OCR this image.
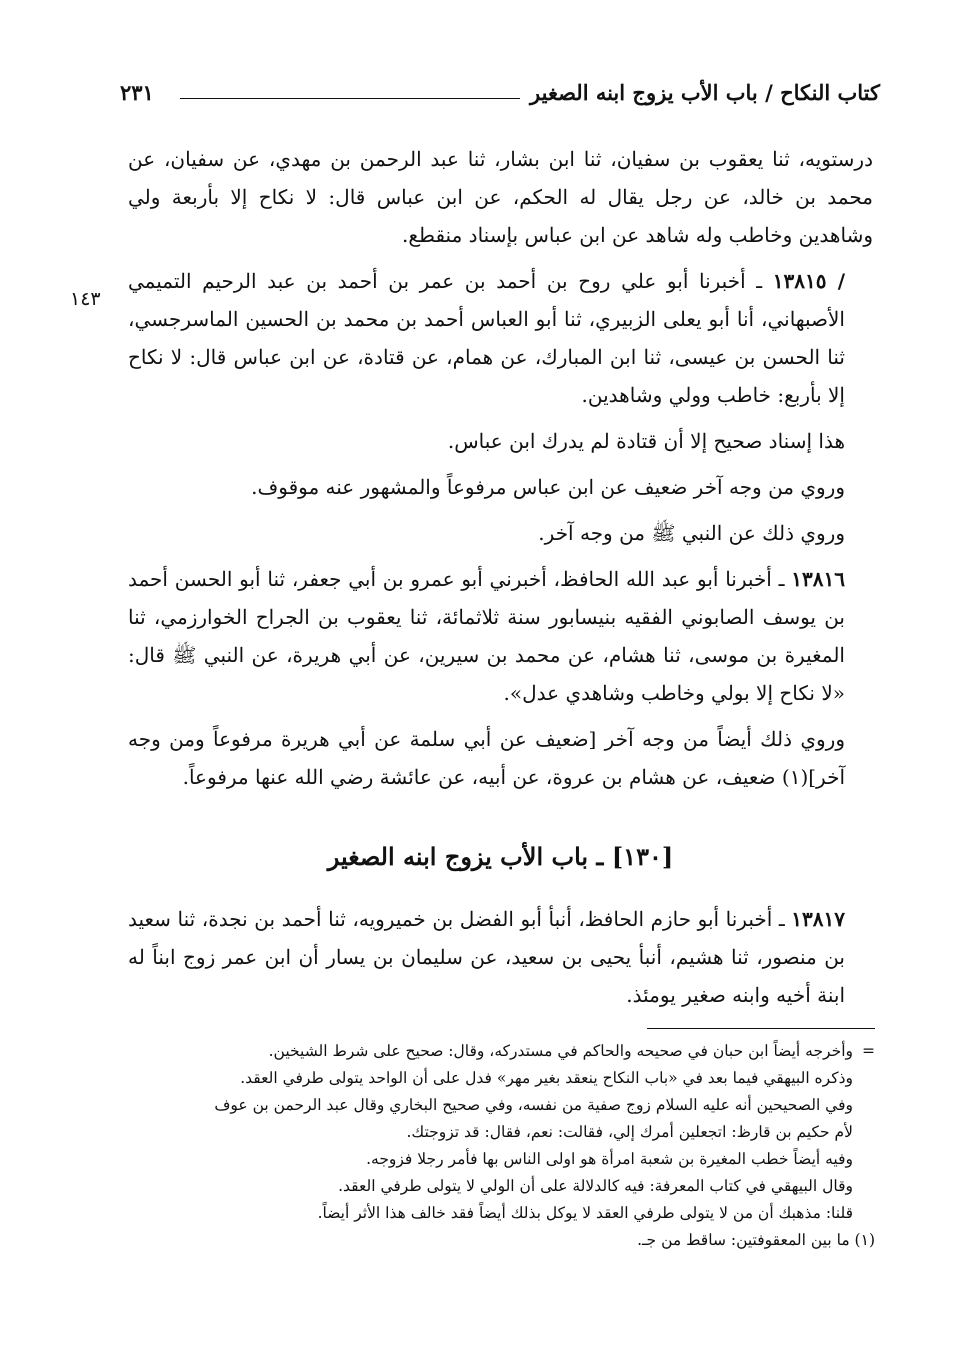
كتاب النكاح / باب الأب يزوج ابنه الصغير
٢٣١

درستويه، ثنا يعقوب بن سفيان، ثنا ابن بشار، ثنا عبد الرحمن بن مهدي، عن سفيان، عن محمد بن خالد، عن رجل يقال له الحكم، عن ابن عباس قال: لا نكاح إلا بأربعة ولي وشاهدين وخاطب وله شاهد عن ابن عباس بإسناد منقطع.

/ ١٣٨١٥ ـ أخبرنا أبو علي روح بن أحمد بن عمر بن أحمد بن عبد الرحيم التميمي الأصبهاني، أنا أبو يعلى الزبيري، ثنا أبو العباس أحمد بن محمد بن الحسين الماسرجسي، ثنا الحسن بن عيسى، ثنا ابن المبارك، عن همام، عن قتادة، عن ابن عباس قال: لا نكاح إلا بأربع: خاطب وولي وشاهدين.

هذا إسناد صحيح إلا أن قتادة لم يدرك ابن عباس.

وروي من وجه آخر ضعيف عن ابن عباس مرفوعاً والمشهور عنه موقوف.

وروي ذلك عن النبي ﷺ من وجه آخر.

١٣٨١٦ ـ أخبرنا أبو عبد الله الحافظ، أخبرني أبو عمرو بن أبي جعفر، ثنا أبو الحسن أحمد بن يوسف الصابوني الفقيه بنيسابور سنة ثلاثمائة، ثنا يعقوب بن الجراح الخوارزمي، ثنا المغيرة بن موسى، ثنا هشام، عن محمد بن سيرين، عن أبي هريرة، عن النبي ﷺ قال: «لا نكاح إلا بولي وخاطب وشاهدي عدل».

وروي ذلك أيضاً من وجه آخر [ضعيف عن أبي سلمة عن أبي هريرة مرفوعاً ومن وجه آخر](١) ضعيف، عن هشام بن عروة، عن أبيه، عن عائشة رضي الله عنها مرفوعاً.

١٤٣
[١٣٠] ـ باب الأب يزوج ابنه الصغير

١٣٨١٧ ـ أخبرنا أبو حازم الحافظ، أنبأ أبو الفضل بن خميرويه، ثنا أحمد بن نجدة، ثنا سعيد بن منصور، ثنا هشيم، أنبأ يحيى بن سعيد، عن سليمان بن يسار أن ابن عمر زوج ابناً له ابنة أخيه وابنه صغير يومئذ.

=وأخرجه أيضاً ابن حبان في صحيحه والحاكم في مستدركه، وقال: صحيح على شرط الشيخين.

وذكره البيهقي فيما بعد في «باب النكاح ينعقد بغير مهر» فدل على أن الواحد يتولى طرفي العقد.

وفي الصحيحين أنه عليه السلام زوج صفية من نفسه، وفي صحيح البخاري وقال عبد الرحمن بن عوف

لأم حكيم بن قارظ: اتجعلين أمرك إلي، فقالت: نعم، فقال: قد تزوجتك.

وفيه أيضاً خطب المغيرة بن شعبة امرأة هو اولى الناس بها فأمر رجلا فزوجه.

وقال البيهقي في كتاب المعرفة: فيه كالدلالة على أن الولي لا يتولى طرفي العقد.

قلنا: مذهبك أن من لا يتولى طرفي العقد لا يوكل بذلك أيضاً فقد خالف هذا الأثر أيضاً.

(١) ما بين المعقوفتين: ساقط من جـ.
